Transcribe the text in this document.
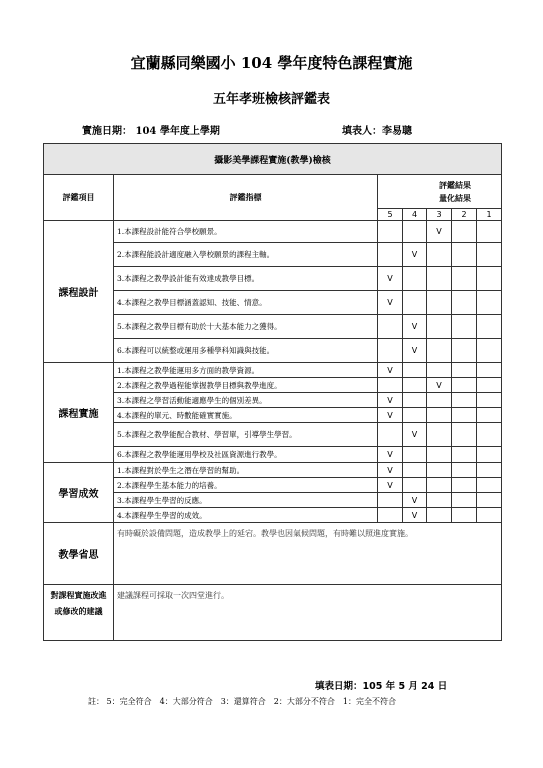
宜蘭縣同樂國小 104 學年度特色課程實施
五年孝班檢核評鑑表
實施日期： 104 學年度上學期	填表人：李易聰
攝影美學課程實施(教學)檢核						
評鑑項目	評鑑指標	評鑑結果
量化結果				
		5	4	3	2	1
課程設計	1.本課程設計能符合學校願景。			V		
	2.本課程能設計適度融入學校願景的課程主軸。		V			
	3.本課程之教學設計能有效達成教學目標。	V				
	4.本課程之教學目標涵蓋認知、技能、情意。	V				
	5.本課程之教學目標有助於十大基本能力之獲得。		V			
	6.本課程可以統整或運用多種學科知識與技能。		V			
課程實施	1.本課程之教學能運用多方面的教學資源。	V				
	2.本課程之教學過程能掌握教學目標與教學進度。			V		
	3.本課程之學習活動能適應學生的個別差異。	V				
	4.本課程的單元、時數能確實實施。	V				
	5.本課程之教學能配合教材、學習單，引導學生學習。		V			
	6.本課程之教學能運用學校及社區資源進行教學。	V				
學習成效	1.本課程對於學生之潛在學習的幫助。	V				
	2.本課程學生基本能力的培養。	V				
	3.本課程學生學習的反應。		V			
	4.本課程學生學習的成效。		V			
教學省思	有時礙於設備問題，造成教學上的延宕。教學也因氣候問題，有時難以照進度實施。					
對課程實施改進或修改的建議	建議課程可採取一次四堂進行。					
填表日期：105 年 5 月 24 日
註： 5：完全符合　4：大部分符合　3：還算符合　2：大部分不符合　1：完全不符合
